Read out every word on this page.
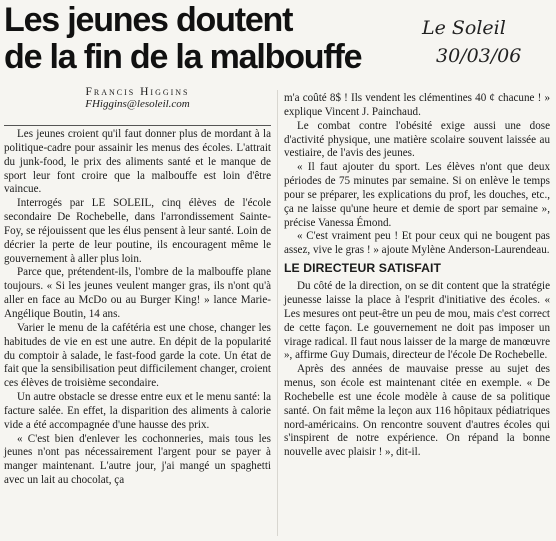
Les jeunes doutent
de la fin de la malbouffe
Le Soleil
30/03/06
Francis Higgins
FHiggins@lesoleil.com

Les jeunes croient qu'il faut donner plus de mordant à la politique-cadre pour assainir les menus des écoles. L'attrait du junk-food, le prix des aliments santé et le manque de sport leur font croire que la malbouffe est loin d'être vaincue.

Interrogés par LE SOLEIL, cinq élèves de l'école secondaire De Rochebelle, dans l'arrondissement Sainte-Foy, se réjouissent que les élus pensent à leur santé. Loin de décrier la perte de leur poutine, ils encouragent même le gouvernement à aller plus loin.

Parce que, prétendent-ils, l'ombre de la malbouffe plane toujours. « Si les jeunes veulent manger gras, ils n'ont qu'à aller en face au McDo ou au Burger King! » lance Marie-Angélique Boutin, 14 ans.

Varier le menu de la cafétéria est une chose, changer les habitudes de vie en est une autre. En dépit de la popularité du comptoir à salade, le fast-food garde la cote. Un état de fait que la sensibilisation peut difficilement changer, croient ces élèves de troisième secondaire.

Un autre obstacle se dresse entre eux et le menu santé: la facture salée. En effet, la disparition des aliments à calorie vide a été accompagnée d'une hausse des prix.

« C'est bien d'enlever les cochonneries, mais tous les jeunes n'ont pas nécessairement l'argent pour se payer à manger maintenant. L'autre jour, j'ai mangé un spaghetti avec un lait au chocolat, ça

m'a coûté 8$ ! Ils vendent les clémentines 40 ¢ chacune ! » explique Vincent J. Painchaud.

Le combat contre l'obésité exige aussi une dose d'activité physique, une matière scolaire souvent laissée au vestiaire, de l'avis des jeunes.

« Il faut ajouter du sport. Les élèves n'ont que deux périodes de 75 minutes par semaine. Si on enlève le temps pour se préparer, les explications du prof, les douches, etc., ça ne laisse qu'une heure et demie de sport par semaine », précise Vanessa Émond.

« C'est vraiment peu ! Et pour ceux qui ne bougent pas assez, vive le gras ! » ajoute Mylène Anderson-Laurendeau.

LE DIRECTEUR SATISFAIT

Du côté de la direction, on se dit content que la stratégie jeunesse laisse la place à l'esprit d'initiative des écoles. « Les mesures ont peut-être un peu de mou, mais c'est correct de cette façon. Le gouvernement ne doit pas imposer un virage radical. Il faut nous laisser de la marge de manœuvre », affirme Guy Dumais, directeur de l'école De Rochebelle.

Après des années de mauvaise presse au sujet des menus, son école est maintenant citée en exemple. « De Rochebelle est une école modèle à cause de sa politique santé. On fait même la leçon aux 116 hôpitaux pédiatriques nord-américains. On rencontre souvent d'autres écoles qui s'inspirent de notre expérience. On répand la bonne nouvelle avec plaisir ! », dit-il.
